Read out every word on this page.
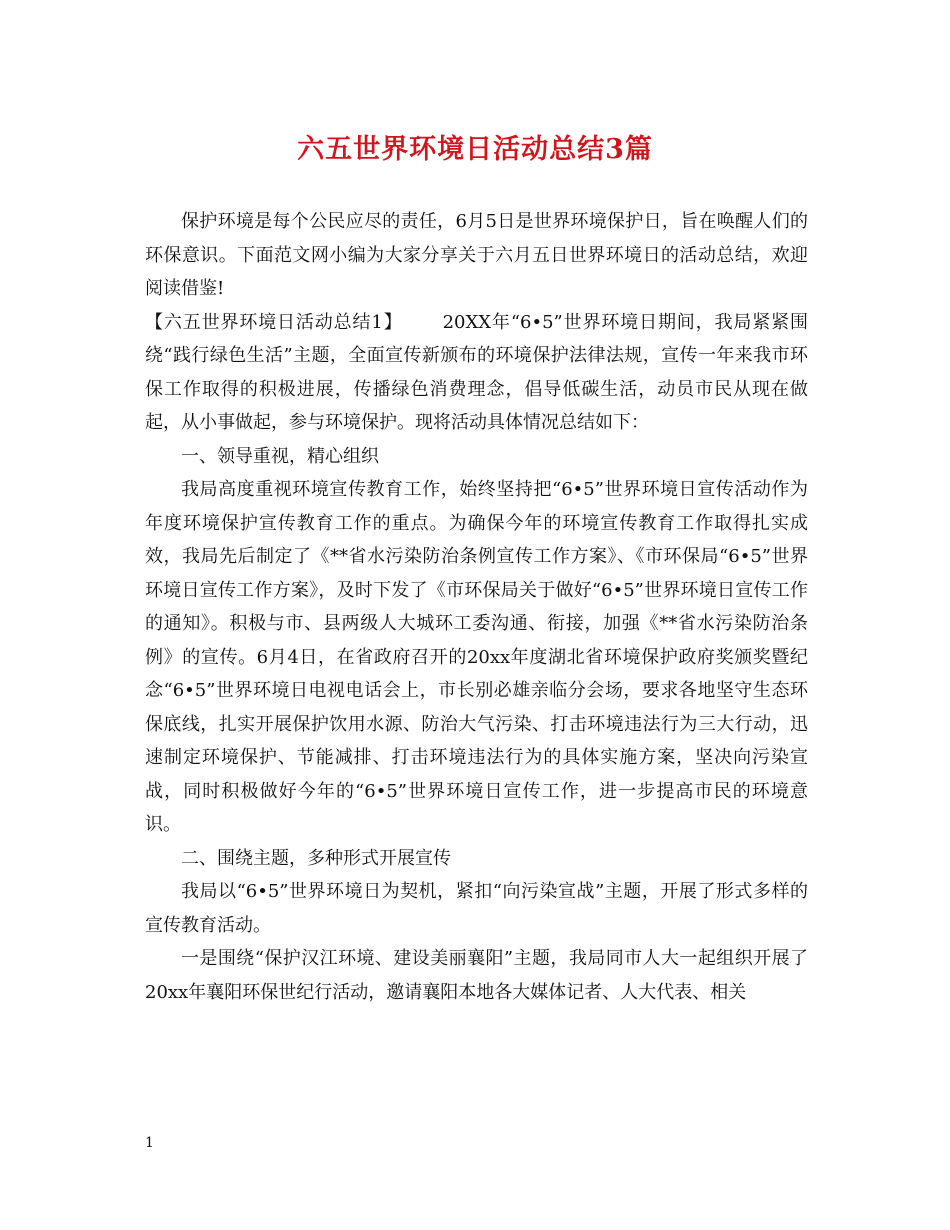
六五世界环境日活动总结3篇

保护环境是每个公民应尽的责任，6月5日是世界环境保护日，旨在唤醒人们的环保意识。下面范文网小编为大家分享关于六月五日世界环境日的活动总结，欢迎阅读借鉴!

【六五世界环境日活动总结1】 20XX年“6•5”世界环境日期间，我局紧紧围绕“践行绿色生活”主题，全面宣传新颁布的环境保护法律法规，宣传一年来我市环保工作取得的积极进展，传播绿色消费理念，倡导低碳生活，动员市民从现在做起，从小事做起，参与环境保护。现将活动具体情况总结如下：

一、领导重视，精心组织

我局高度重视环境宣传教育工作，始终坚持把“6•5”世界环境日宣传活动作为年度环境保护宣传教育工作的重点。为确保今年的环境宣传教育工作取得扎实成效，我局先后制定了《**省水污染防治条例宣传工作方案》、《市环保局“6•5”世界环境日宣传工作方案》，及时下发了《市环保局关于做好“6•5”世界环境日宣传工作的通知》。积极与市、县两级人大城环工委沟通、衔接，加强《**省水污染防治条例》的宣传。6月4日，在省政府召开的20xx年度湖北省环境保护政府奖颁奖暨纪念“6•5”世界环境日电视电话会上，市长别必雄亲临分会场，要求各地坚守生态环保底线，扎实开展保护饮用水源、防治大气污染、打击环境违法行为三大行动，迅速制定环境保护、节能减排、打击环境违法行为的具体实施方案，坚决向污染宣战，同时积极做好今年的“6•5”世界环境日宣传工作，进一步提高市民的环境意识。

二、围绕主题，多种形式开展宣传

我局以“6•5”世界环境日为契机，紧扣“向污染宣战”主题，开展了形式多样的宣传教育活动。

一是围绕“保护汉江环境、建设美丽襄阳”主题，我局同市人大一起组织开展了20xx年襄阳环保世纪行活动，邀请襄阳本地各大媒体记者、人大代表、相关

1
